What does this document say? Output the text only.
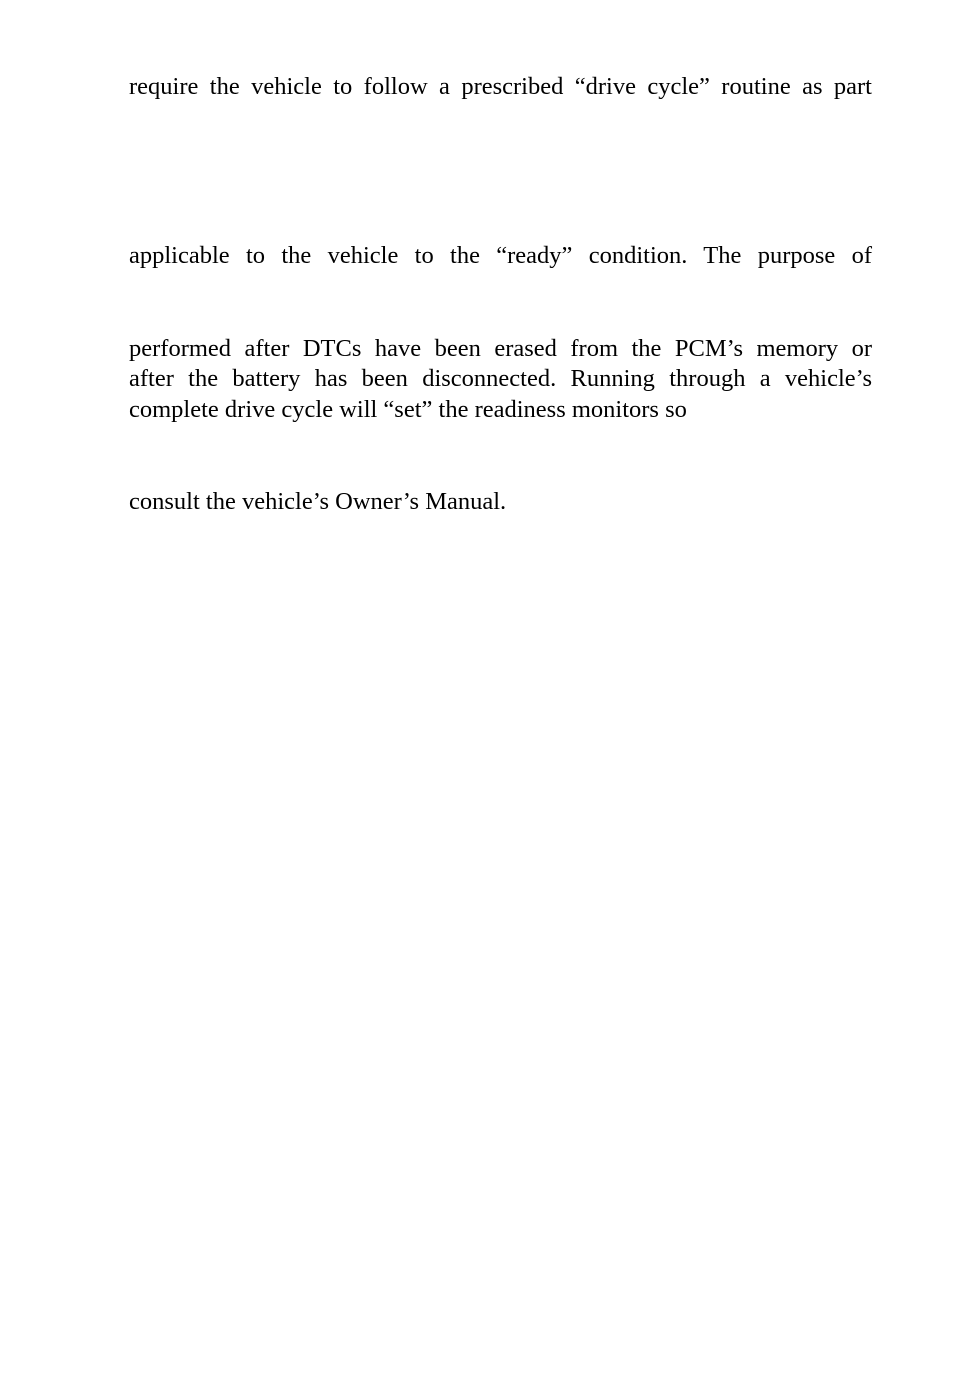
require the vehicle to follow a prescribed “drive cycle” routine as part

applicable to the vehicle to the “ready” condition. The purpose of

performed after DTCs have been erased from the PCM’s memory or

after the battery has been disconnected. Running through a vehicle’s

complete drive cycle will “set” the readiness monitors so

consult the vehicle’s Owner’s Manual.
